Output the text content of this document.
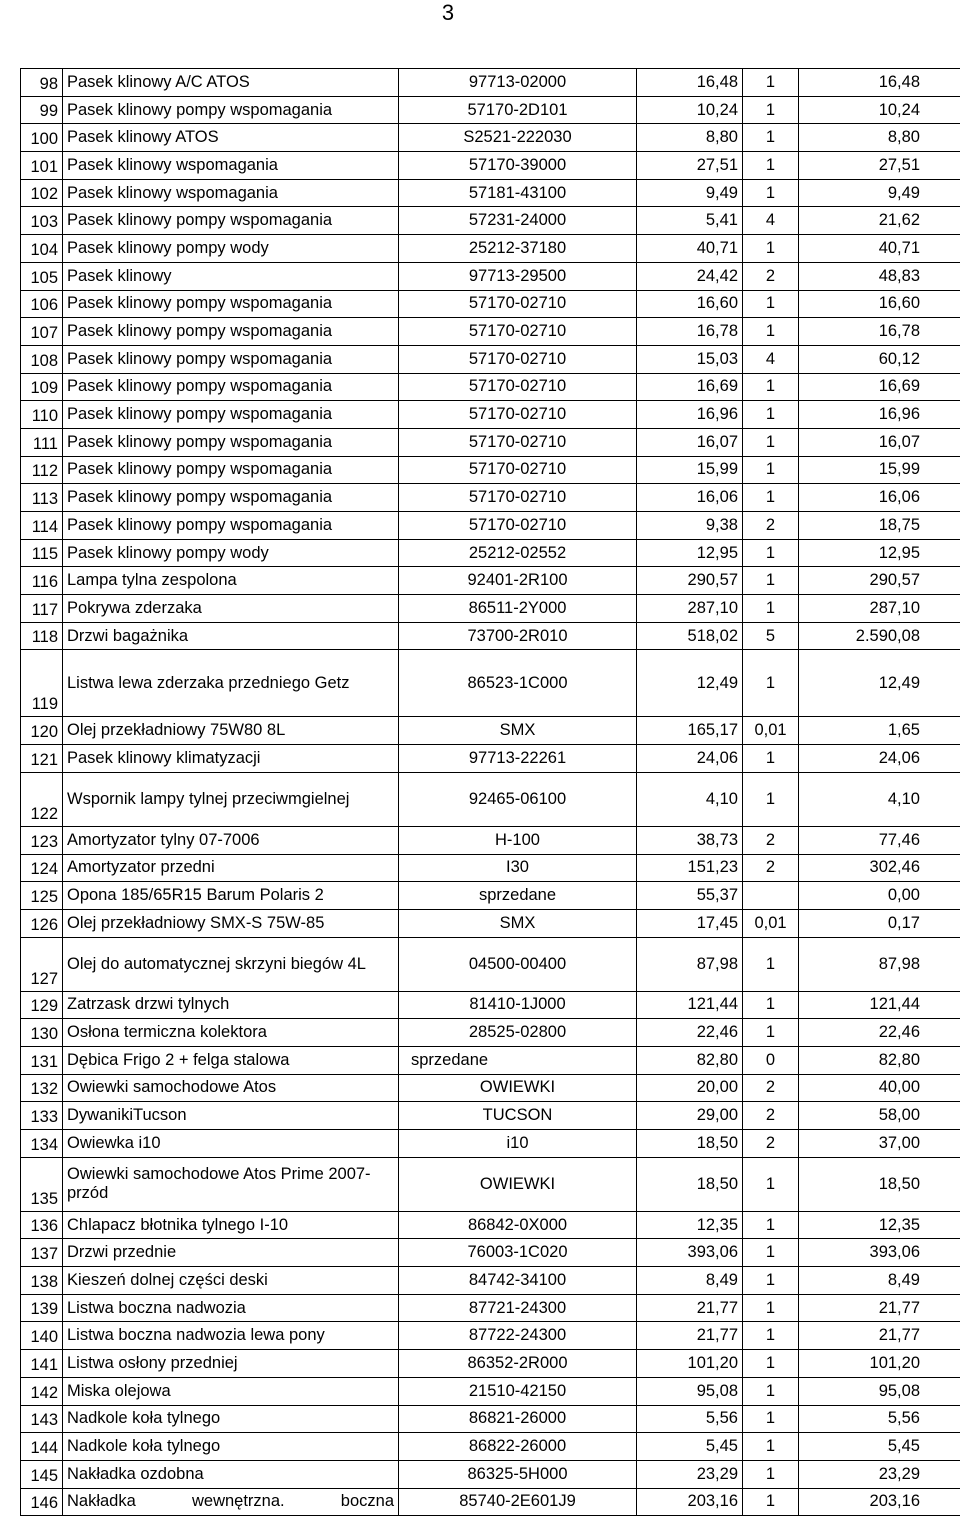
3
98	Pasek klinowy A/C ATOS	97713-02000	16,48	1	16,48
99	Pasek klinowy pompy wspomagania	57170-2D101	10,24	1	10,24
100	Pasek klinowy ATOS	S2521-222030	8,80	1	8,80
101	Pasek klinowy wspomagania	57170-39000	27,51	1	27,51
102	Pasek klinowy wspomagania	57181-43100	9,49	1	9,49
103	Pasek klinowy pompy wspomagania	57231-24000	5,41	4	21,62
104	Pasek klinowy pompy wody	25212-37180	40,71	1	40,71
105	Pasek klinowy	97713-29500	24,42	2	48,83
106	Pasek klinowy pompy wspomagania	57170-02710	16,60	1	16,60
107	Pasek klinowy pompy wspomagania	57170-02710	16,78	1	16,78
108	Pasek klinowy pompy wspomagania	57170-02710	15,03	4	60,12
109	Pasek klinowy pompy wspomagania	57170-02710	16,69	1	16,69
110	Pasek klinowy pompy wspomagania	57170-02710	16,96	1	16,96
111	Pasek klinowy pompy wspomagania	57170-02710	16,07	1	16,07
112	Pasek klinowy pompy wspomagania	57170-02710	15,99	1	15,99
113	Pasek klinowy pompy wspomagania	57170-02710	16,06	1	16,06
114	Pasek klinowy pompy wspomagania	57170-02710	9,38	2	18,75
115	Pasek klinowy pompy wody	25212-02552	12,95	1	12,95
116	Lampa tylna zespolona	92401-2R100	290,57	1	290,57
117	Pokrywa zderzaka	86511-2Y000	287,10	1	287,10
118	Drzwi bagażnika	73700-2R010	518,02	5	2.590,08
119	Listwa lewa zderzaka przedniego Getz	86523-1C000	12,49	1	12,49
120	Olej przekładniowy 75W80 8L	SMX	165,17	0,01	1,65
121	Pasek klinowy klimatyzacji	97713-22261	24,06	1	24,06
122	Wspornik lampy tylnej przeciwmgielnej	92465-06100	4,10	1	4,10
123	Amortyzator tylny 07-7006	H-100	38,73	2	77,46
124	Amortyzator przedni	I30	151,23	2	302,46
125	Opona 185/65R15 Barum Polaris 2	sprzedane	55,37		0,00
126	Olej przekładniowy SMX-S 75W-85	SMX	17,45	0,01	0,17
127	Olej do automatycznej skrzyni biegów 4L	04500-00400	87,98	1	87,98
129	Zatrzask drzwi tylnych	81410-1J000	121,44	1	121,44
130	Osłona termiczna kolektora	28525-02800	22,46	1	22,46
131	Dębica Frigo 2 + felga stalowa	sprzedane	82,80	0	82,80
132	Owiewki samochodowe Atos	OWIEWKI	20,00	2	40,00
133	DywanikiTucson	TUCSON	29,00	2	58,00
134	Owiewka i10	i10	18,50	2	37,00
135	Owiewki samochodowe Atos Prime 2007-przód	OWIEWKI	18,50	1	18,50
136	Chlapacz błotnika tylnego I-10	86842-0X000	12,35	1	12,35
137	Drzwi przednie	76003-1C020	393,06	1	393,06
138	Kieszeń dolnej części deski	84742-34100	8,49	1	8,49
139	Listwa boczna nadwozia	87721-24300	21,77	1	21,77
140	Listwa boczna nadwozia lewa pony	87722-24300	21,77	1	21,77
141	Listwa osłony przedniej	86352-2R000	101,20	1	101,20
142	Miska olejowa	21510-42150	95,08	1	95,08
143	Nadkole koła tylnego	86821-26000	5,56	1	5,56
144	Nadkole koła tylnego	86822-26000	5,45	1	5,45
145	Nakładka ozdobna	86325-5H000	23,29	1	23,29
146	Nakładka wewnętrzna. boczna	85740-2E601J9	203,16	1	203,16
